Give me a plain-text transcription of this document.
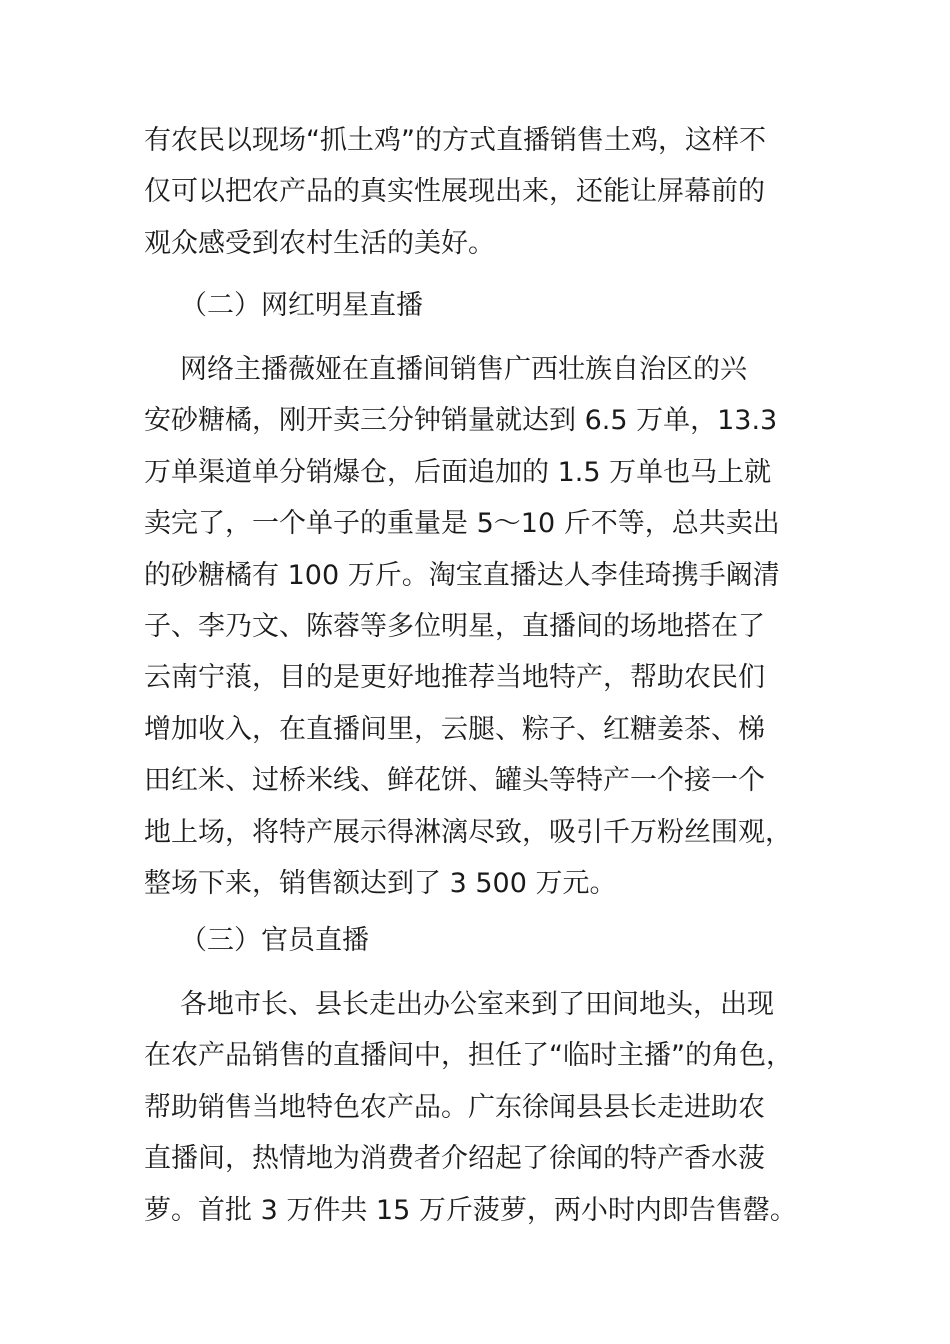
有农民以现场“抓土鸡”的方式直播销售土鸡，这样不
仅可以把农产品的真实性展现出来，还能让屏幕前的
观众感受到农村生活的美好。
（二）网红明星直播
网络主播薇娅在直播间销售广西壮族自治区的兴
安砂糖橘，刚开卖三分钟销量就达到 6.5 万单，13.3
万单渠道单分销爆仓，后面追加的 1.5 万单也马上就
卖完了，一个单子的重量是 5～10 斤不等，总共卖出
的砂糖橘有 100 万斤。淘宝直播达人李佳琦携手阚清
子、李乃文、陈蓉等多位明星，直播间的场地搭在了
云南宁蒗，目的是更好地推荐当地特产，帮助农民们
增加收入，在直播间里，云腿、粽子、红糖姜茶、梯
田红米、过桥米线、鲜花饼、罐头等特产一个接一个
地上场，将特产展示得淋漓尽致，吸引千万粉丝围观，
整场下来，销售额达到了 3 500 万元。
（三）官员直播
各地市长、县长走出办公室来到了田间地头，出现
在农产品销售的直播间中，担任了“临时主播”的角色，
帮助销售当地特色农产品。广东徐闻县县长走进助农
直播间，热情地为消费者介绍起了徐闻的特产香水菠
萝。首批 3 万件共 15 万斤菠萝，两小时内即告售罄。
